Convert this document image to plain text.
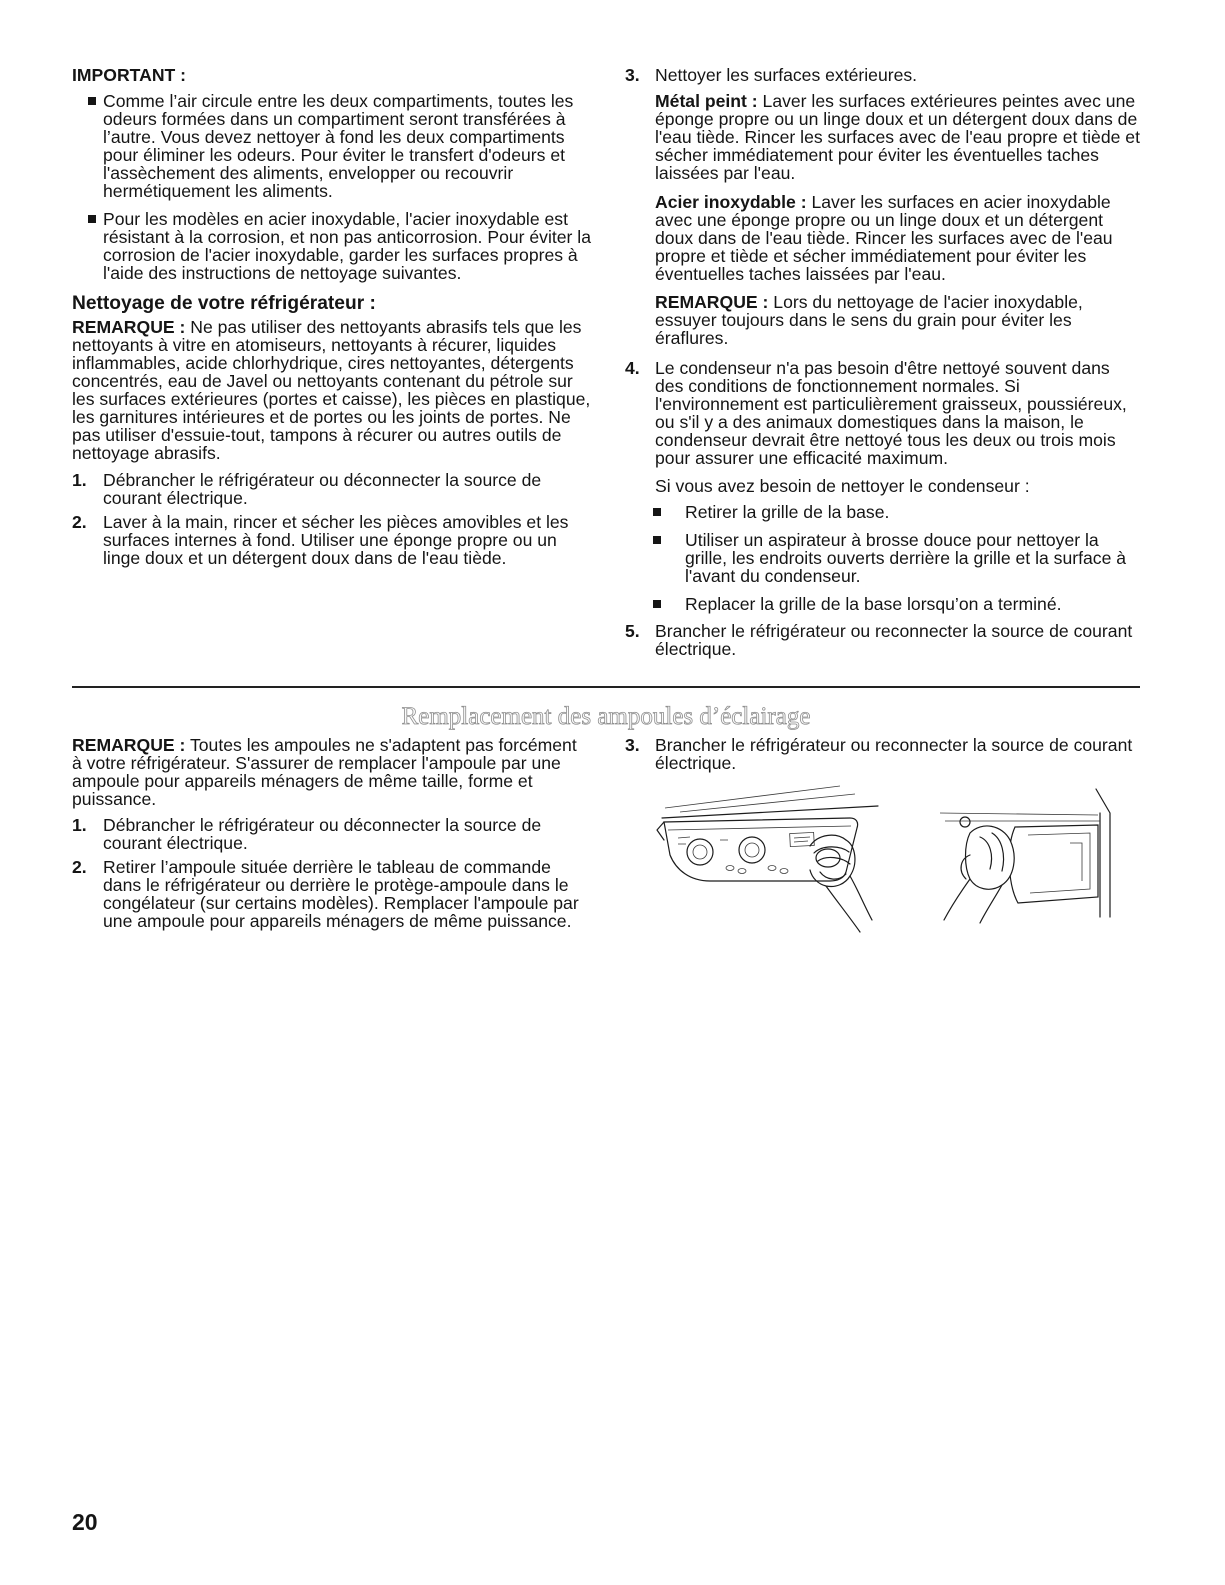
IMPORTANT :
Comme l’air circule entre les deux compartiments, toutes les
odeurs formées dans un compartiment seront transférées à
l’autre. Vous devez nettoyer à fond les deux compartiments
pour éliminer les odeurs. Pour éviter le transfert d'odeurs et
l'assèchement des aliments, envelopper ou recouvrir
hermétiquement les aliments.
Pour les modèles en acier inoxydable, l'acier inoxydable est
résistant à la corrosion, et non pas anticorrosion. Pour éviter la
corrosion de l'acier inoxydable, garder les surfaces propres à
l'aide des instructions de nettoyage suivantes.
Nettoyage de votre réfrigérateur :
REMARQUE : Ne pas utiliser des nettoyants abrasifs tels que les
nettoyants à vitre en atomiseurs, nettoyants à récurer, liquides
inflammables, acide chlorhydrique, cires nettoyantes, détergents
concentrés, eau de Javel ou nettoyants contenant du pétrole sur
les surfaces extérieures (portes et caisse), les pièces en plastique,
les garnitures intérieures et de portes ou les joints de portes. Ne
pas utiliser d'essuie-tout, tampons à récurer ou autres outils de
nettoyage abrasifs.
1. Débrancher le réfrigérateur ou déconnecter la source de
courant électrique.
2. Laver à la main, rincer et sécher les pièces amovibles et les
surfaces internes à fond. Utiliser une éponge propre ou un
linge doux et un détergent doux dans de l'eau tiède.
3. Nettoyer les surfaces extérieures.
Métal peint : Laver les surfaces extérieures peintes avec une
éponge propre ou un linge doux et un détergent doux dans de
l'eau tiède. Rincer les surfaces avec de l'eau propre et tiède et
sécher immédiatement pour éviter les éventuelles taches
laissées par l'eau.
Acier inoxydable : Laver les surfaces en acier inoxydable
avec une éponge propre ou un linge doux et un détergent
doux dans de l'eau tiède. Rincer les surfaces avec de l'eau
propre et tiède et sécher immédiatement pour éviter les
éventuelles taches laissées par l'eau.
REMARQUE : Lors du nettoyage de l'acier inoxydable,
essuyer toujours dans le sens du grain pour éviter les
éraflures.
4. Le condenseur n'a pas besoin d'être nettoyé souvent dans
des conditions de fonctionnement normales. Si
l'environnement est particulièrement graisseux, poussiéreux,
ou s'il y a des animaux domestiques dans la maison, le
condenseur devrait être nettoyé tous les deux ou trois mois
pour assurer une efficacité maximum.
Si vous avez besoin de nettoyer le condenseur :
Retirer la grille de la base.
Utiliser un aspirateur à brosse douce pour nettoyer la
grille, les endroits ouverts derrière la grille et la surface à
l'avant du condenseur.
Replacer la grille de la base lorsqu’on a terminé.
5. Brancher le réfrigérateur ou reconnecter la source de courant
électrique.
Remplacement des ampoules d’éclairage
REMARQUE : Toutes les ampoules ne s'adaptent pas forcément
à votre réfrigérateur. S'assurer de remplacer l'ampoule par une
ampoule pour appareils ménagers de même taille, forme et
puissance.
1. Débrancher le réfrigérateur ou déconnecter la source de
courant électrique.
2. Retirer l’ampoule située derrière le tableau de commande
dans le réfrigérateur ou derrière le protège-ampoule dans le
congélateur (sur certains modèles). Remplacer l'ampoule par
une ampoule pour appareils ménagers de même puissance.
3. Brancher le réfrigérateur ou reconnecter la source de courant
électrique.
20
